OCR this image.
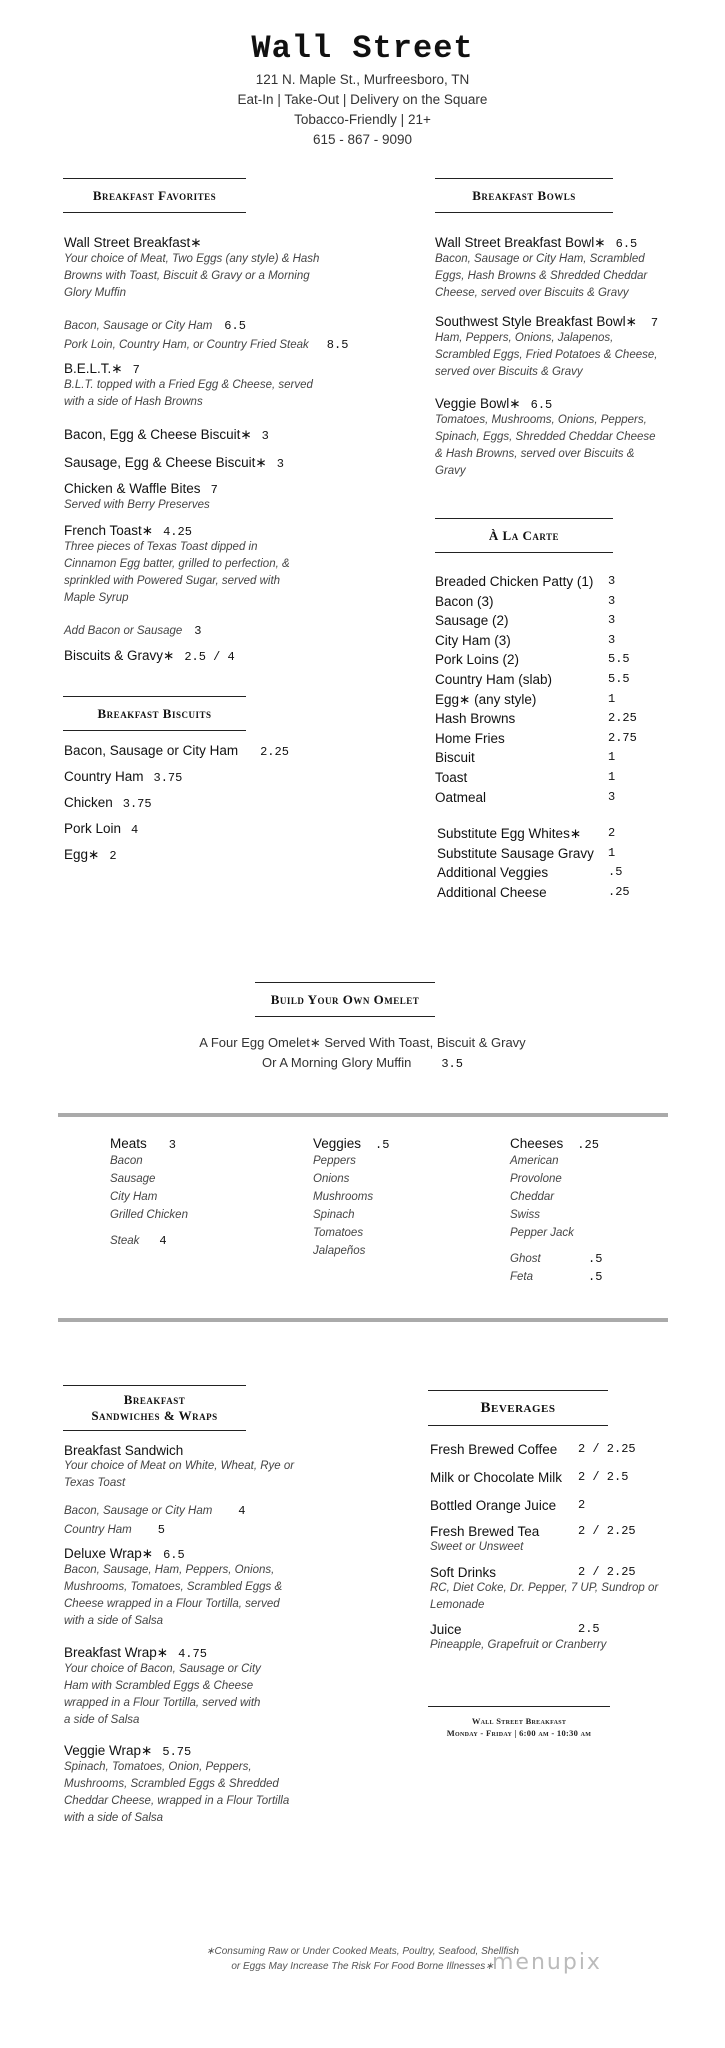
Wall Street
121 N. Maple St., Murfreesboro, TN
Eat-In | Take-Out | Delivery on the Square
Tobacco-Friendly | 21+
615 - 867 - 9090
Breakfast Favorites
Wall Street Breakfast∗
Your choice of Meat, Two Eggs (any style) & Hash Browns with Toast, Biscuit & Gravy or a Morning Glory Muffin
Bacon, Sausage or City Ham 6.5
Pork Loin, Country Ham, or Country Fried Steak 8.5
B.E.L.T.∗ 7
B.L.T. topped with a Fried Egg & Cheese, served with a side of Hash Browns
Bacon, Egg & Cheese Biscuit∗ 3
Sausage, Egg & Cheese Biscuit∗ 3
Chicken & Waffle Bites 7
Served with Berry Preserves
French Toast∗ 4.25
Three pieces of Texas Toast dipped in Cinnamon Egg batter, grilled to perfection, & sprinkled with Powered Sugar, served with Maple Syrup
Add Bacon or Sausage 3
Biscuits & Gravy∗ 2.5 / 4
Breakfast Biscuits
Bacon, Sausage or City Ham 2.25
Country Ham 3.75
Chicken 3.75
Pork Loin 4
Egg∗ 2
Breakfast Bowls
Wall Street Breakfast Bowl∗ 6.5
Bacon, Sausage or City Ham, Scrambled Eggs, Hash Browns & Shredded Cheddar Cheese, served over Biscuits & Gravy
Southwest Style Breakfast Bowl∗ 7
Ham, Peppers, Onions, Jalapenos, Scrambled Eggs, Fried Potatoes & Cheese, served over Biscuits & Gravy
Veggie Bowl∗ 6.5
Tomatoes, Mushrooms, Onions, Peppers, Spinach, Eggs, Shredded Cheddar Cheese & Hash Browns, served over Biscuits & Gravy
À La Carte
Breaded Chicken Patty (1)	3
Bacon (3)	3
Sausage (2)	3
City Ham (3)	3
Pork Loins (2)	5.5
Country Ham (slab)	5.5
Egg∗ (any style)	1
Hash Browns	2.25
Home Fries	2.75
Biscuit	1
Toast	1
Oatmeal	3
Substitute Egg Whites∗	2
Substitute Sausage Gravy	1
Additional Veggies	.5
Additional Cheese	.25
Build Your Own Omelet
A Four Egg Omelet∗ Served With Toast, Biscuit & Gravy
Or A Morning Glory Muffin	3.5
Meats 3
Bacon
Sausage
City Ham
Grilled Chicken
Steak 4
Veggies .5
Peppers
Onions
Mushrooms
Spinach
Tomatoes
Jalapeños
Cheeses .25
American
Provolone
Cheddar
Swiss
Pepper Jack
Ghost	.5
Feta	.5
Breakfast
Sandwiches & Wraps
Breakfast Sandwich
Your choice of Meat on White, Wheat, Rye or Texas Toast
Bacon, Sausage or City Ham 4
Country Ham 5
Deluxe Wrap∗ 6.5
Bacon, Sausage, Ham, Peppers, Onions, Mushrooms, Tomatoes, Scrambled Eggs & Cheese wrapped in a Flour Tortilla, served with a side of Salsa
Breakfast Wrap∗ 4.75
Your choice of Bacon, Sausage or City Ham with Scrambled Eggs & Cheese wrapped in a Flour Tortilla, served with a side of Salsa
Veggie Wrap∗ 5.75
Spinach, Tomatoes, Onion, Peppers, Mushrooms, Scrambled Eggs & Shredded Cheddar Cheese, wrapped in a Flour Tortilla with a side of Salsa
Beverages
Fresh Brewed Coffee	2 / 2.25
Milk or Chocolate Milk	2 / 2.5
Bottled Orange Juice	2
Fresh Brewed Tea	2 / 2.25
Sweet or Unsweet
Soft Drinks	2 / 2.25
RC, Diet Coke, Dr. Pepper, 7 UP, Sundrop or Lemonade
Juice	2.5
Pineapple, Grapefruit or Cranberry
Wall Street Breakfast
Monday - Friday | 6:00 am - 10:30 am
∗Consuming Raw or Under Cooked Meats, Poultry, Seafood, Shellfish
or Eggs May Increase The Risk For Food Borne Illnesses∗
menupix
